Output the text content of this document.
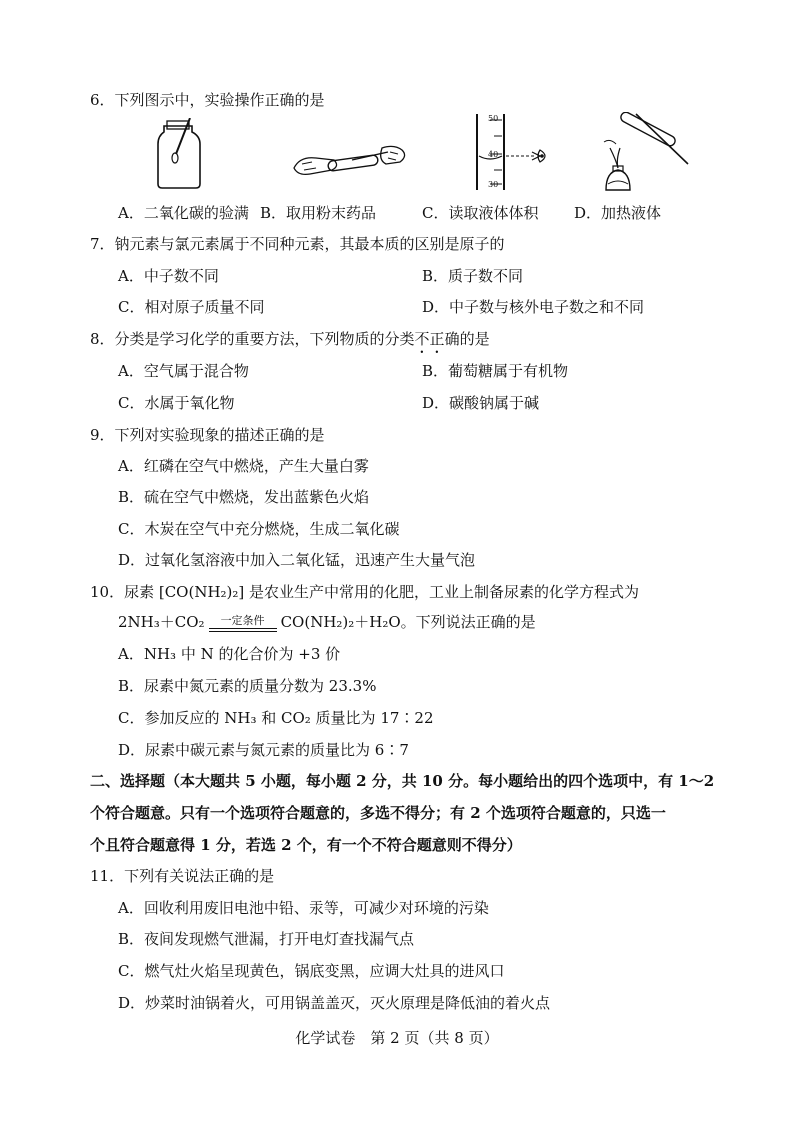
6．下列图示中，实验操作正确的是
50
40
30
A．二氧化碳的验满 B．取用粉末药品	C．读取液体体积 D．加热液体
7．钠元素与氯元素属于不同种元素，其最本质的区别是原子的
A．中子数不同	B．质子数不同
C．相对原子质量不同	D．中子数与核外电子数之和不同
8．分类是学习化学的重要方法，下列物质的分类不正确的是
A．空气属于混合物	B．葡萄糖属于有机物
C．水属于氧化物	D．碳酸钠属于碱
9．下列对实验现象的描述正确的是
A．红磷在空气中燃烧，产生大量白雾
B．硫在空气中燃烧，发出蓝紫色火焰
C．木炭在空气中充分燃烧，生成二氧化碳
D．过氧化氢溶液中加入二氧化锰，迅速产生大量气泡
10．尿素 [CO(NH₂)₂] 是农业生产中常用的化肥，工业上制备尿素的化学方程式为
2NH₃＋CO₂	一定条件	CO(NH₂)₂＋H₂O。下列说法正确的是
A．NH₃ 中 N 的化合价为 +3 价
B．尿素中氮元素的质量分数为 23.3%
C．参加反应的 NH₃ 和 CO₂ 质量比为 17∶22
D．尿素中碳元素与氮元素的质量比为 6∶7
二、选择题（本大题共 5 小题，每小题 2 分，共 10 分。每小题给出的四个选项中，有 1～2
个符合题意。只有一个选项符合题意的，多选不得分；有 2 个选项符合题意的，只选一
个且符合题意得 1 分，若选 2 个，有一个不符合题意则不得分）
11．下列有关说法正确的是
A．回收利用废旧电池中铅、汞等，可减少对环境的污染
B．夜间发现燃气泄漏，打开电灯查找漏气点
C．燃气灶火焰呈现黄色，锅底变黑，应调大灶具的进风口
D．炒菜时油锅着火，可用锅盖盖灭，灭火原理是降低油的着火点
化学试卷　第 2 页（共 8 页）
